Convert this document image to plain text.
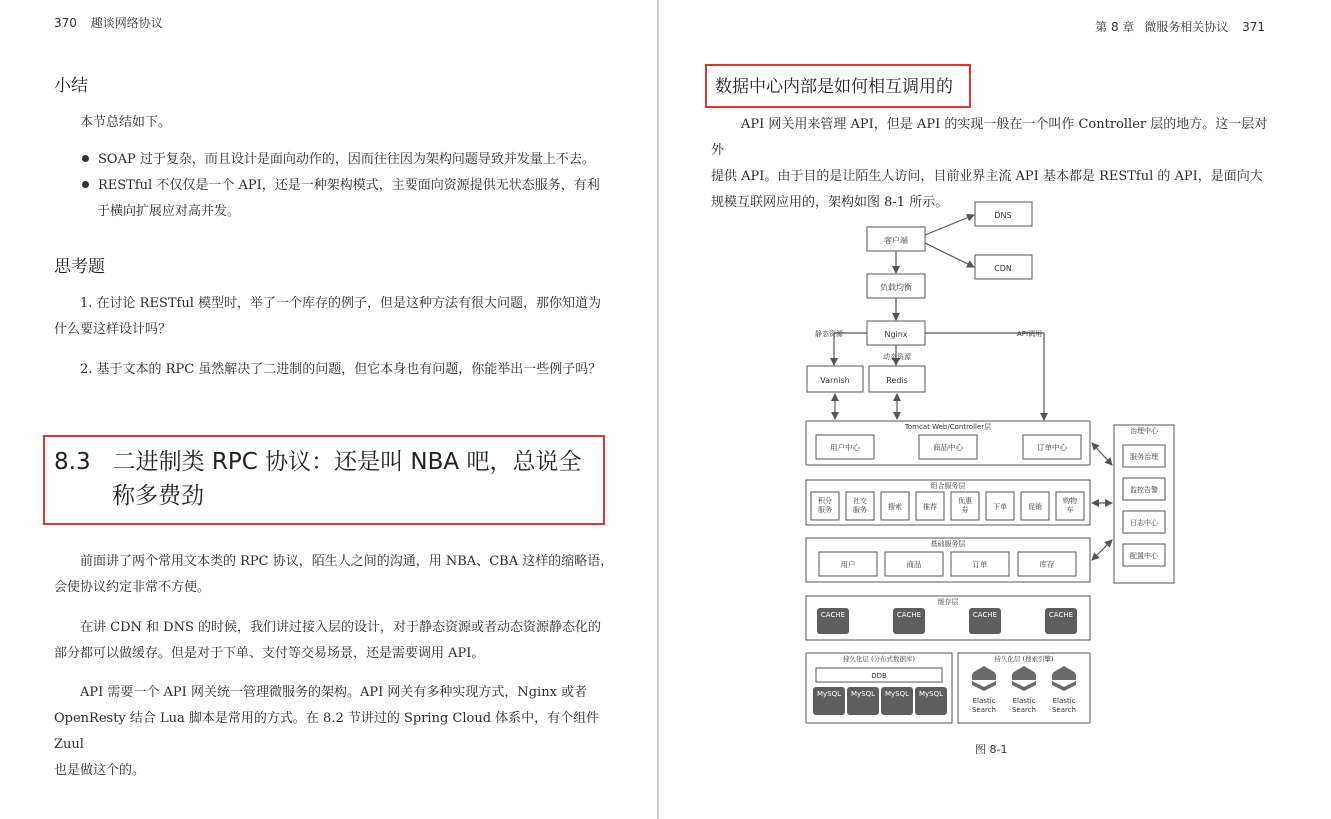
370 趣谈网络协议
小结
本节总结如下。
SOAP 过于复杂，而且设计是面向动作的，因而往往因为架构问题导致并发量上不去。
RESTful 不仅仅是一个 API，还是一种架构模式，主要面向资源提供无状态服务，有利
于横向扩展应对高并发。
思考题
1. 在讨论 RESTful 模型时，举了一个库存的例子，但是这种方法有很大问题，那你知道为
什么要这样设计吗？
2. 基于文本的 RPC 虽然解决了二进制的问题，但它本身也有问题，你能举出一些例子吗？
8.3 二进制类 RPC 协议：还是叫 NBA 吧，总说全
称多费劲
前面讲了两个常用文本类的 RPC 协议，陌生人之间的沟通，用 NBA、CBA 这样的缩略语，
会使协议约定非常不方便。
在讲 CDN 和 DNS 的时候，我们讲过接入层的设计，对于静态资源或者动态资源静态化的
部分都可以做缓存。但是对于下单、支付等交易场景，还是需要调用 API。
API 需要一个 API 网关统一管理微服务的架构。API 网关有多种实现方式，Nginx 或者
OpenResty 结合 Lua 脚本是常用的方式。在 8.2 节讲过的 Spring Cloud 体系中，有个组件 Zuul
也是做这个的。
第 8 章 微服务相关协议 371
数据中心内部是如何相互调用的
API 网关用来管理 API，但是 API 的实现一般在一个叫作 Controller 层的地方。这一层对外
提供 API。由于目的是让陌生人访问，目前业界主流 API 基本都是 RESTful 的 API，是面向大
规模互联网应用的，架构如图 8-1 所示。
客户端
DNS
CDN
负载均衡
Nginx
静态资源
动态资源
API调用
Varnish	Redis
Tomcat Web/Controller层
用户中心	商品中心	订单中心
组合服务层
积分
服务
社交
服务	搜索	推荐
优惠
券	下单	促销
购物
车
基础服务层
用户	商品	订单	库存
缓存层
CACHE	CACHE	CACHE	CACHE
持久化层 (分布式数据库)
DDB
MySQL MySQL MySQL MySQL
持久化层 (搜索引擎)
Elastic
Search
Elastic
Search
Elastic
Search
治理中心
服务治理
监控告警
日志中心
配置中心
图 8-1
